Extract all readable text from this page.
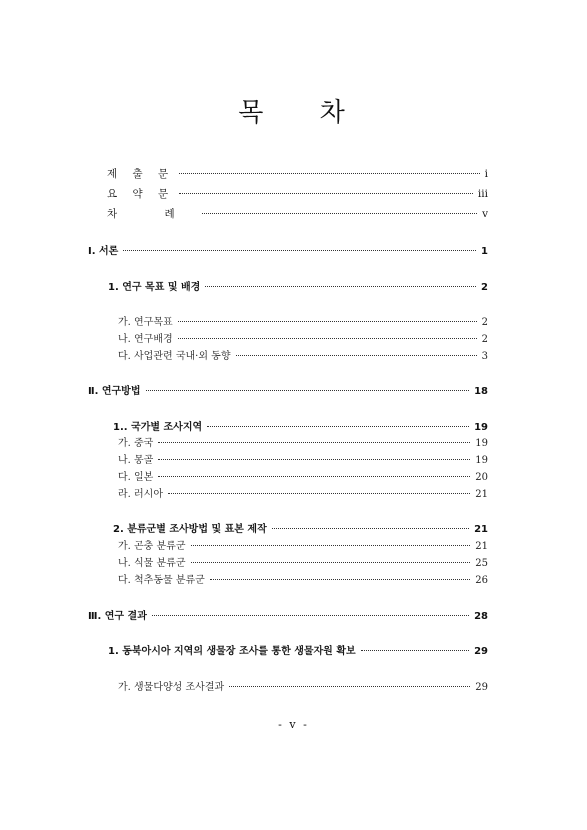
목 차
제 출 문	i
요 약 문	iii
차 례	v
Ⅰ. 서론	1
1. 연구 목표 및 배경	2
가. 연구목표	2
나. 연구배경	2
다. 사업관련 국내·외 동향	3
Ⅱ. 연구방법	18
1.. 국가별 조사지역	19
가. 중국	19
나. 몽골	19
다. 일본	20
라. 러시아	21
2. 분류군별 조사방법 및 표본 제작	21
가. 곤충 분류군	21
나. 식물 분류군	25
다. 척추동물 분류군	26
Ⅲ. 연구 결과	28
1. 동북아시아 지역의 생물장 조사를 통한 생물자원 확보	29
가. 생물다양성 조사결과	29
- v -
